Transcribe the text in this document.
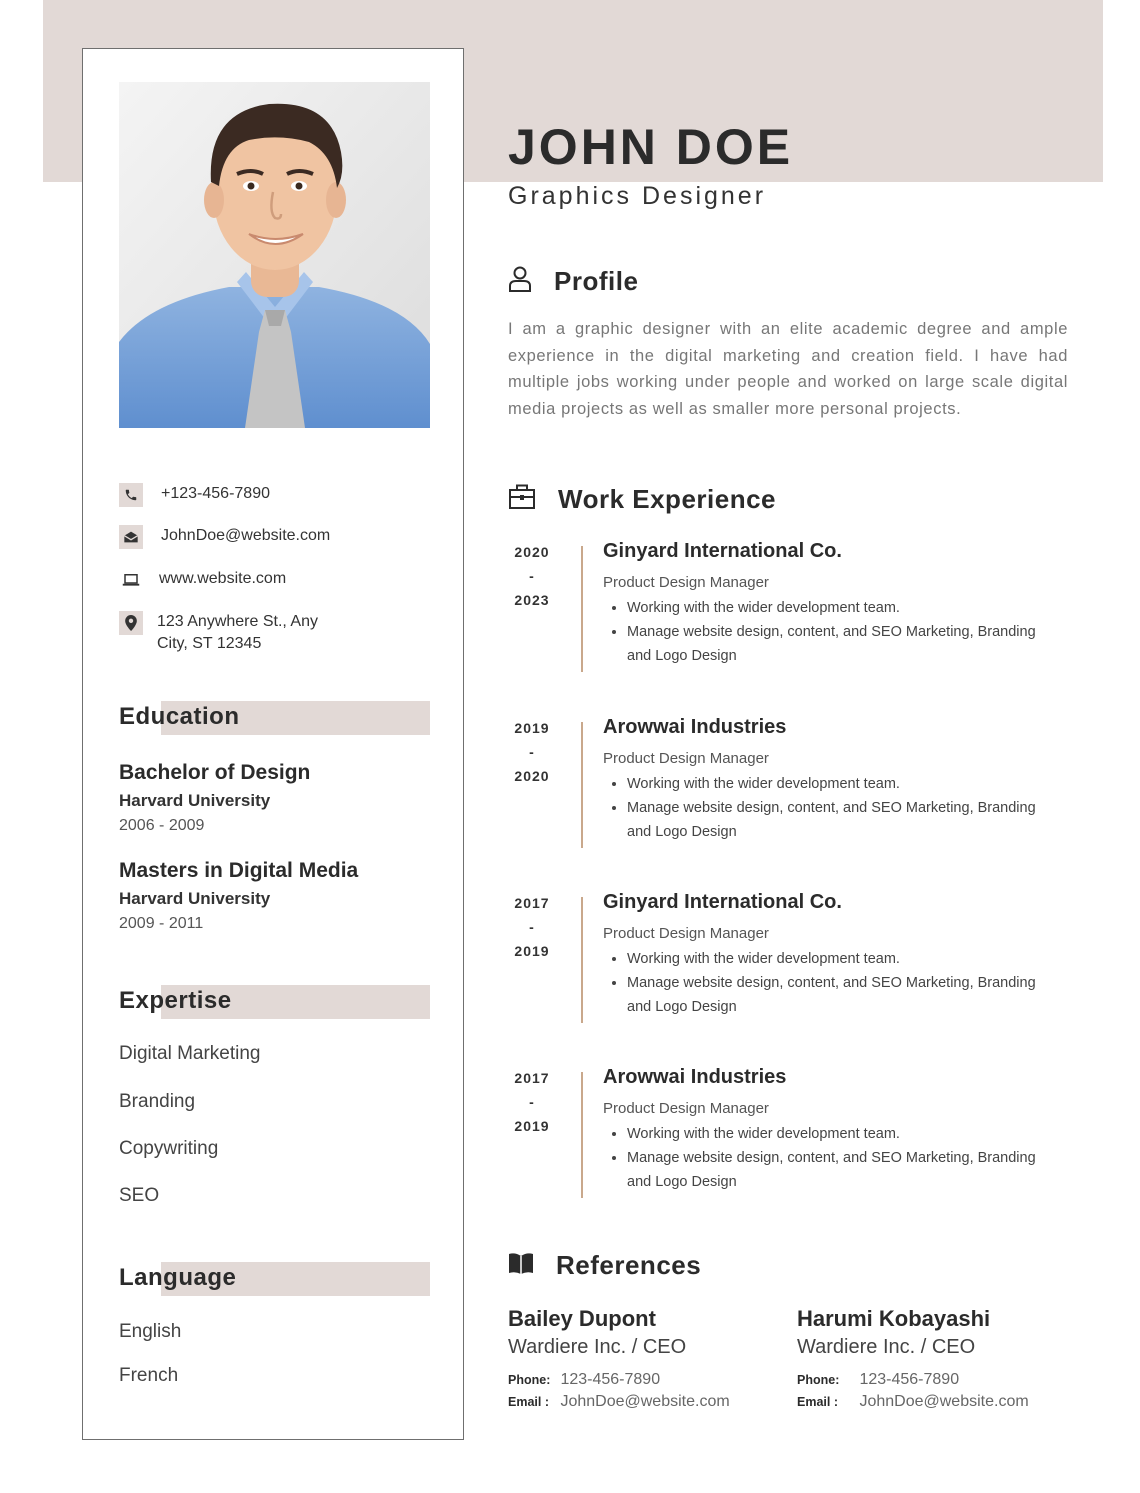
+123-456-7890
JohnDoe@website.com
www.website.com
123 Anywhere St., Any City, ST 12345
Education
Bachelor of Design
Harvard University
2006 - 2009
Masters in Digital Media
Harvard University
2009 - 2011
Expertise
Digital Marketing
Branding
Copywriting
SEO
Language
English
French
JOHN DOE
Graphics Designer
Profile
I am a graphic designer with an elite academic degree and ample experience in the digital marketing and creation field. I have had multiple jobs working under people and worked on large scale digital media projects as well as smaller more personal projects.
Work Experience
2020
-
2023
Ginyard International Co.
Product Design Manager
• Working with the wider development team.
• Manage website design, content, and SEO Marketing, Branding and Logo Design
2019
-
2020
Arowwai Industries
Product Design Manager
• Working with the wider development team.
• Manage website design, content, and SEO Marketing, Branding and Logo Design
2017
-
2019
Ginyard International Co.
Product Design Manager
• Working with the wider development team.
• Manage website design, content, and SEO Marketing, Branding and Logo Design
2017
-
2019
Arowwai Industries
Product Design Manager
• Working with the wider development team.
• Manage website design, content, and SEO Marketing, Branding and Logo Design
References
Bailey Dupont
Wardiere Inc. / CEO
Phone: 123-456-7890
Email : JohnDoe@website.com
Harumi Kobayashi
Wardiere Inc. / CEO
Phone: 123-456-7890
Email : JohnDoe@website.com
